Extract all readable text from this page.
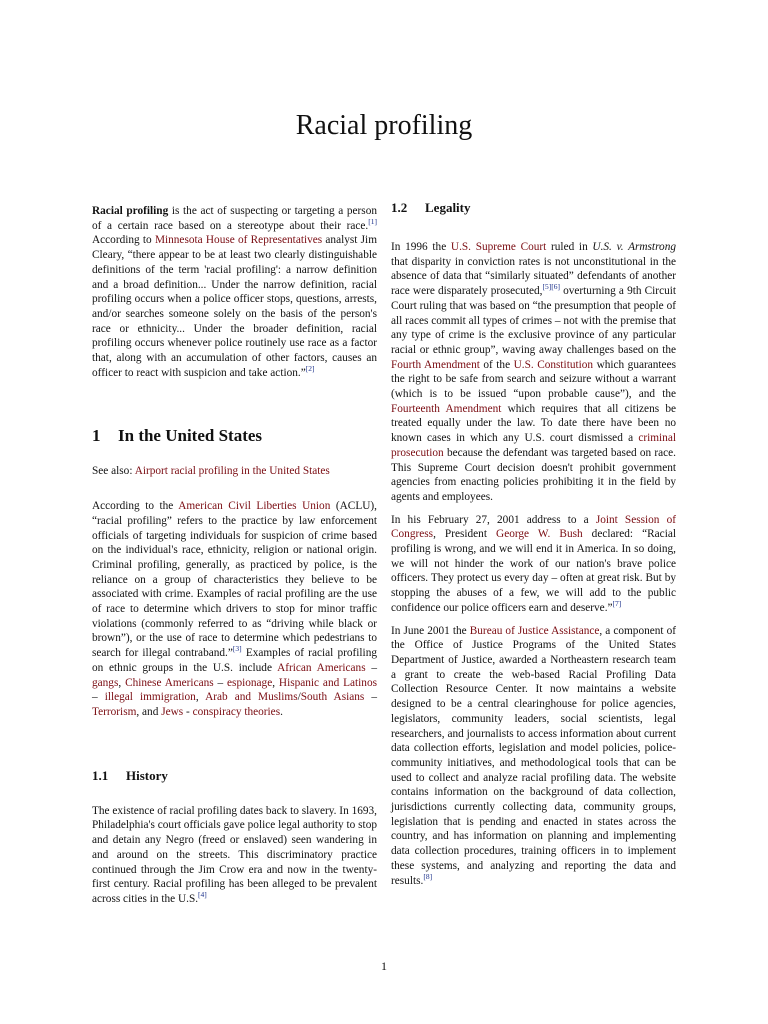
Racial profiling

Racial profiling is the act of suspecting or targeting a person of a certain race based on a stereotype about their race.[1] According to Minnesota House of Representatives analyst Jim Cleary, “there appear to be at least two clearly distinguishable definitions of the term 'racial profiling': a narrow definition and a broad definition... Under the narrow definition, racial profiling occurs when a police officer stops, questions, arrests, and/or searches someone solely on the basis of the person's race or ethnicity... Under the broader definition, racial profiling occurs whenever police routinely use race as a factor that, along with an accumulation of other factors, causes an officer to react with suspicion and take action.”[2]

1 In the United States

See also: Airport racial profiling in the United States

According to the American Civil Liberties Union (ACLU), “racial profiling” refers to the practice by law enforcement officials of targeting individuals for suspicion of crime based on the individual's race, ethnicity, religion or national origin. Criminal profiling, generally, as practiced by police, is the reliance on a group of characteristics they believe to be associated with crime. Examples of racial profiling are the use of race to determine which drivers to stop for minor traffic violations (commonly referred to as “driving while black or brown”), or the use of race to determine which pedestrians to search for illegal contraband.”[3] Examples of racial profiling on ethnic groups in the U.S. include African Americans – gangs, Chinese Americans – espionage, Hispanic and Latinos – illegal immigration, Arab and Muslims/South Asians – Terrorism, and Jews - conspiracy theories.

1.1 History

The existence of racial profiling dates back to slavery. In 1693, Philadelphia's court officials gave police legal authority to stop and detain any Negro (freed or enslaved) seen wandering in and around on the streets. This discriminatory practice continued through the Jim Crow era and now in the twenty-first century. Racial profiling has been alleged to be prevalent across cities in the U.S.[4]

1.2 Legality

In 1996 the U.S. Supreme Court ruled in U.S. v. Armstrong that disparity in conviction rates is not unconstitutional in the absence of data that “similarly situated” defendants of another race were disparately prosecuted,[5][6] overturning a 9th Circuit Court ruling that was based on “the presumption that people of all races commit all types of crimes – not with the premise that any type of crime is the exclusive province of any particular racial or ethnic group”, waving away challenges based on the Fourth Amendment of the U.S. Constitution which guarantees the right to be safe from search and seizure without a warrant (which is to be issued “upon probable cause”), and the Fourteenth Amendment which requires that all citizens be treated equally under the law. To date there have been no known cases in which any U.S. court dismissed a criminal prosecution because the defendant was targeted based on race. This Supreme Court decision doesn't prohibit government agencies from enacting policies prohibiting it in the field by agents and employees.

In his February 27, 2001 address to a Joint Session of Congress, President George W. Bush declared: “Racial profiling is wrong, and we will end it in America. In so doing, we will not hinder the work of our nation's brave police officers. They protect us every day – often at great risk. But by stopping the abuses of a few, we will add to the public confidence our police officers earn and deserve.”[7]

In June 2001 the Bureau of Justice Assistance, a component of the Office of Justice Programs of the United States Department of Justice, awarded a Northeastern research team a grant to create the web-based Racial Profiling Data Collection Resource Center. It now maintains a website designed to be a central clearinghouse for police agencies, legislators, community leaders, social scientists, legal researchers, and journalists to access information about current data collection efforts, legislation and model policies, police-community initiatives, and methodological tools that can be used to collect and analyze racial profiling data. The website contains information on the background of data collection, jurisdictions currently collecting data, community groups, legislation that is pending and enacted in states across the country, and has information on planning and implementing data collection procedures, training officers in to implement these systems, and analyzing and reporting the data and results.[8]

1
